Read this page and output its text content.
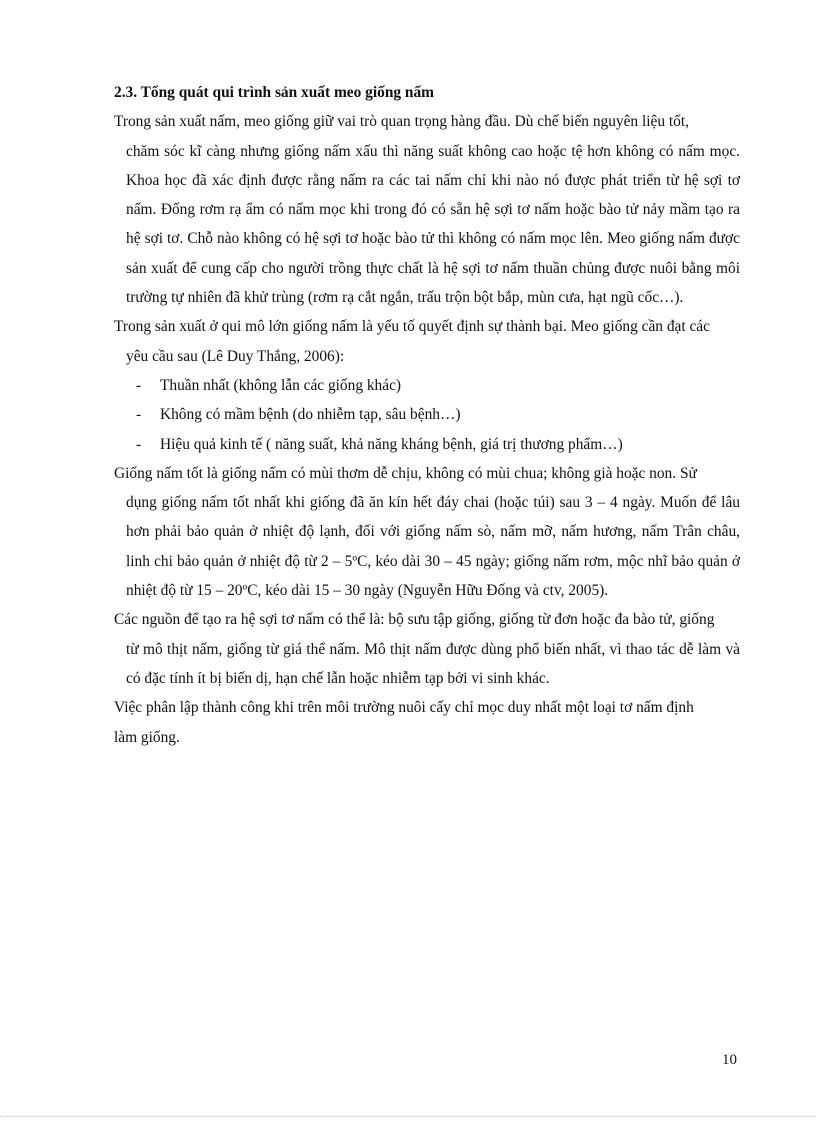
2.3. Tổng quát qui trình sản xuất meo giống nấm
Trong sản xuất nấm, meo giống giữ vai trò quan trọng hàng đầu. Dù chế biến nguyên liệu tốt,
chăm sóc kĩ càng nhưng giống nấm xấu thì năng suất không cao hoặc tệ hơn không có nấm mọc. Khoa học đã xác định được rằng nấm ra các tai nấm chỉ khi nào nó được phát triển từ hệ sợi tơ nấm. Đống rơm rạ ẩm có nấm mọc khi trong đó có sẵn hệ sợi tơ nấm hoặc bào tử nảy mầm tạo ra hệ sợi tơ. Chỗ nào không có hệ sợi tơ hoặc bào tử thì không có nấm mọc lên. Meo giống nấm được sản xuất để cung cấp cho người trồng thực chất là hệ sợi tơ nấm thuần chủng được nuôi bằng môi trường tự nhiên đã khử trùng (rơm rạ cắt ngắn, trấu trộn bột bắp, mùn cưa, hạt ngũ cốc…).
Trong sản xuất ở qui mô lớn giống nấm là yếu tố quyết định sự thành bại. Meo giống cần đạt các
yêu cầu sau (Lê Duy Thắng, 2006):
-	Thuần nhất (không lẫn các giống khác)
-	Không có mầm bệnh (do nhiễm tạp, sâu bệnh…)
-	Hiệu quả kinh tế ( năng suất, khả năng kháng bệnh, giá trị thương phẩm…)
Giống nấm tốt là giống nấm có mùi thơm dễ chịu, không có mùi chua; không già hoặc non. Sử
dụng giống nấm tốt nhất khi giống đã ăn kín hết đáy chai (hoặc túi) sau 3 – 4 ngày. Muốn để lâu hơn phải bảo quản ở nhiệt độ lạnh, đối với giống nấm sò, nấm mỡ, nấm hương, nấm Trân châu, linh chi bảo quản ở nhiệt độ từ 2 – 5ºC, kéo dài 30 – 45 ngày; giống nấm rơm, mộc nhĩ bảo quản ở nhiệt độ từ 15 – 20ºC, kéo dài 15 – 30 ngày (Nguyễn Hữu Đống và ctv, 2005).
Các nguồn để tạo ra hệ sợi tơ nấm có thể là: bộ sưu tập giống, giống từ đơn hoặc đa bào tử, giống
từ mô thịt nấm, giống từ giá thể nấm. Mô thịt nấm được dùng phổ biến nhất, vì thao tác dễ làm và có đặc tính ít bị biến dị, hạn chế lẫn hoặc nhiễm tạp bởi vi sinh khác.
Việc phân lập thành công khi trên môi trường nuôi cấy chỉ mọc duy nhất một loại tơ nấm định
làm giống.
10
